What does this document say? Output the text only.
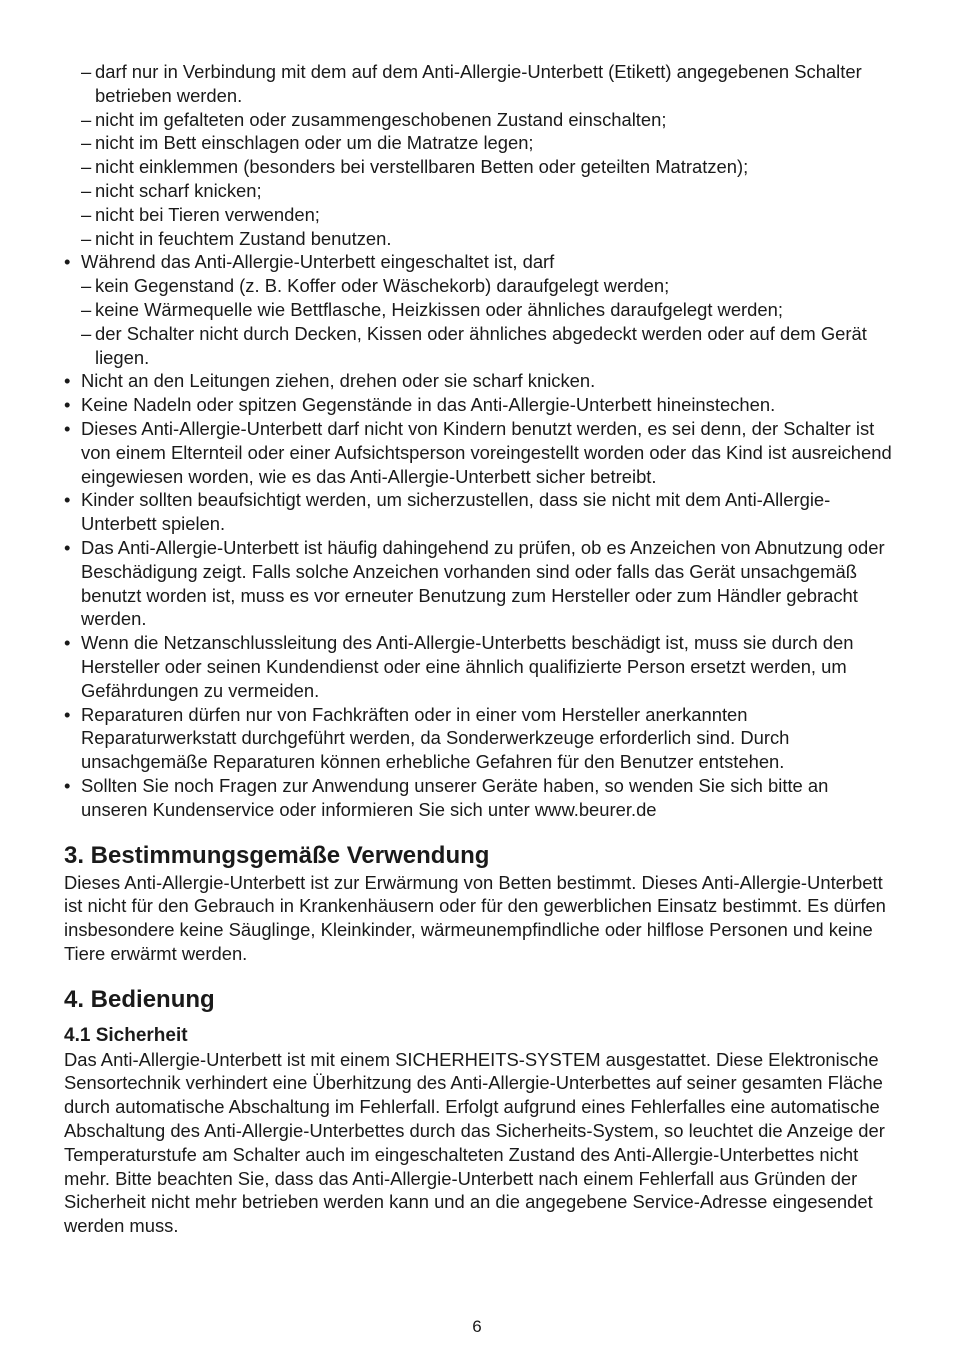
– darf nur in Verbindung mit dem auf dem Anti-Allergie-Unterbett (Etikett) angegebenen Schalter betrieben werden.
– nicht im gefalteten oder zusammengeschobenen Zustand einschalten;
– nicht im Bett einschlagen oder um die Matratze legen;
– nicht einklemmen (besonders bei verstellbaren Betten oder geteilten Matratzen);
– nicht scharf knicken;
– nicht bei Tieren verwenden;
– nicht in feuchtem Zustand benutzen.
• Während das Anti-Allergie-Unterbett eingeschaltet ist, darf
– kein Gegenstand (z. B. Koffer oder Wäschekorb) daraufgelegt werden;
– keine Wärmequelle wie Bettflasche, Heizkissen oder ähnliches daraufgelegt werden;
– der Schalter nicht durch Decken, Kissen oder ähnliches abgedeckt werden oder auf dem Gerät liegen.
• Nicht an den Leitungen ziehen, drehen oder sie scharf knicken.
• Keine Nadeln oder spitzen Gegenstände in das Anti-Allergie-Unterbett hineinstechen.
• Dieses Anti-Allergie-Unterbett darf nicht von Kindern benutzt werden, es sei denn, der Schalter ist von einem Elternteil oder einer Aufsichtsperson voreingestellt worden oder das Kind ist ausreichend eingewiesen worden, wie es das Anti-Allergie-Unterbett sicher betreibt.
• Kinder sollten beaufsichtigt werden, um sicherzustellen, dass sie nicht mit dem Anti-Allergie-Unterbett spielen.
• Das Anti-Allergie-Unterbett ist häufig dahingehend zu prüfen, ob es Anzeichen von Abnutzung oder Beschädigung zeigt. Falls solche Anzeichen vorhanden sind oder falls das Gerät unsachgemäß benutzt worden ist, muss es vor erneuter Benutzung zum Hersteller oder zum Händler gebracht werden.
• Wenn die Netzanschlussleitung des Anti-Allergie-Unterbetts beschädigt ist, muss sie durch den Hersteller oder seinen Kundendienst oder eine ähnlich qualifizierte Person ersetzt werden, um Gefährdungen zu vermeiden.
• Reparaturen dürfen nur von Fachkräften oder in einer vom Hersteller anerkannten Reparaturwerkstatt durchgeführt werden, da Sonderwerkzeuge erforderlich sind. Durch unsachgemäße Reparaturen können erhebliche Gefahren für den Benutzer entstehen.
• Sollten Sie noch Fragen zur Anwendung unserer Geräte haben, so wenden Sie sich bitte an unseren Kundenservice oder informieren Sie sich unter www.beurer.de
3. Bestimmungsgemäße Verwendung

Dieses Anti-Allergie-Unterbett ist zur Erwärmung von Betten bestimmt. Dieses Anti-Allergie-Unterbett ist nicht für den Gebrauch in Krankenhäusern oder für den gewerblichen Einsatz bestimmt. Es dürfen insbesondere keine Säuglinge, Kleinkinder, wärmeunempfindliche oder hilflose Personen und keine Tiere erwärmt werden.

4. Bedienung
4.1 Sicherheit

Das Anti-Allergie-Unterbett ist mit einem SICHERHEITS-SYSTEM ausgestattet. Diese Elektronische Sensortechnik verhindert eine Überhitzung des Anti-Allergie-Unterbettes auf seiner gesamten Fläche durch automatische Abschaltung im Fehlerfall. Erfolgt aufgrund eines Fehlerfalles eine automatische Abschaltung des Anti-Allergie-Unterbettes durch das Sicherheits-System, so leuchtet die Anzeige der Temperaturstufe am Schalter auch im eingeschalteten Zustand des Anti-Allergie-Unterbettes nicht mehr. Bitte beachten Sie, dass das Anti-Allergie-Unterbett nach einem Fehlerfall aus Gründen der Sicherheit nicht mehr betrieben werden kann und an die angegebene Service-Adresse eingesendet werden muss.

6
